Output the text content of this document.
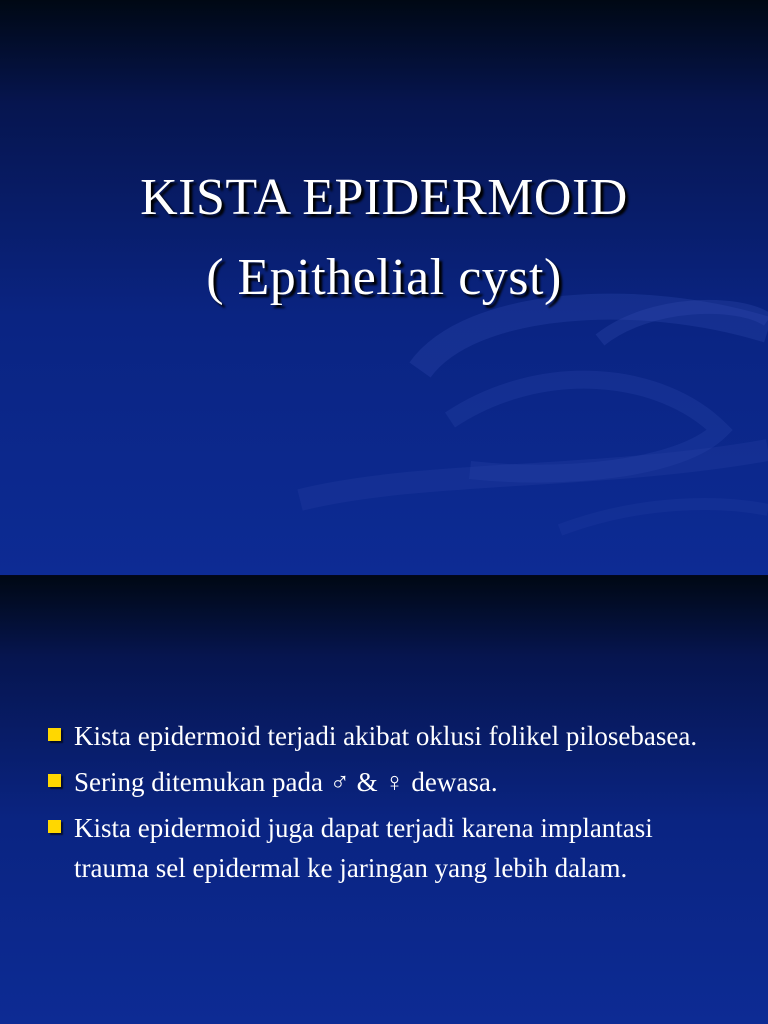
KISTA EPIDERMOID
( Epithelial cyst)
Kista epidermoid terjadi akibat oklusi folikel pilosebasea.
Sering ditemukan pada ♂ & ♀ dewasa.
Kista epidermoid juga dapat terjadi karena implantasi trauma sel epidermal ke jaringan yang lebih dalam.
